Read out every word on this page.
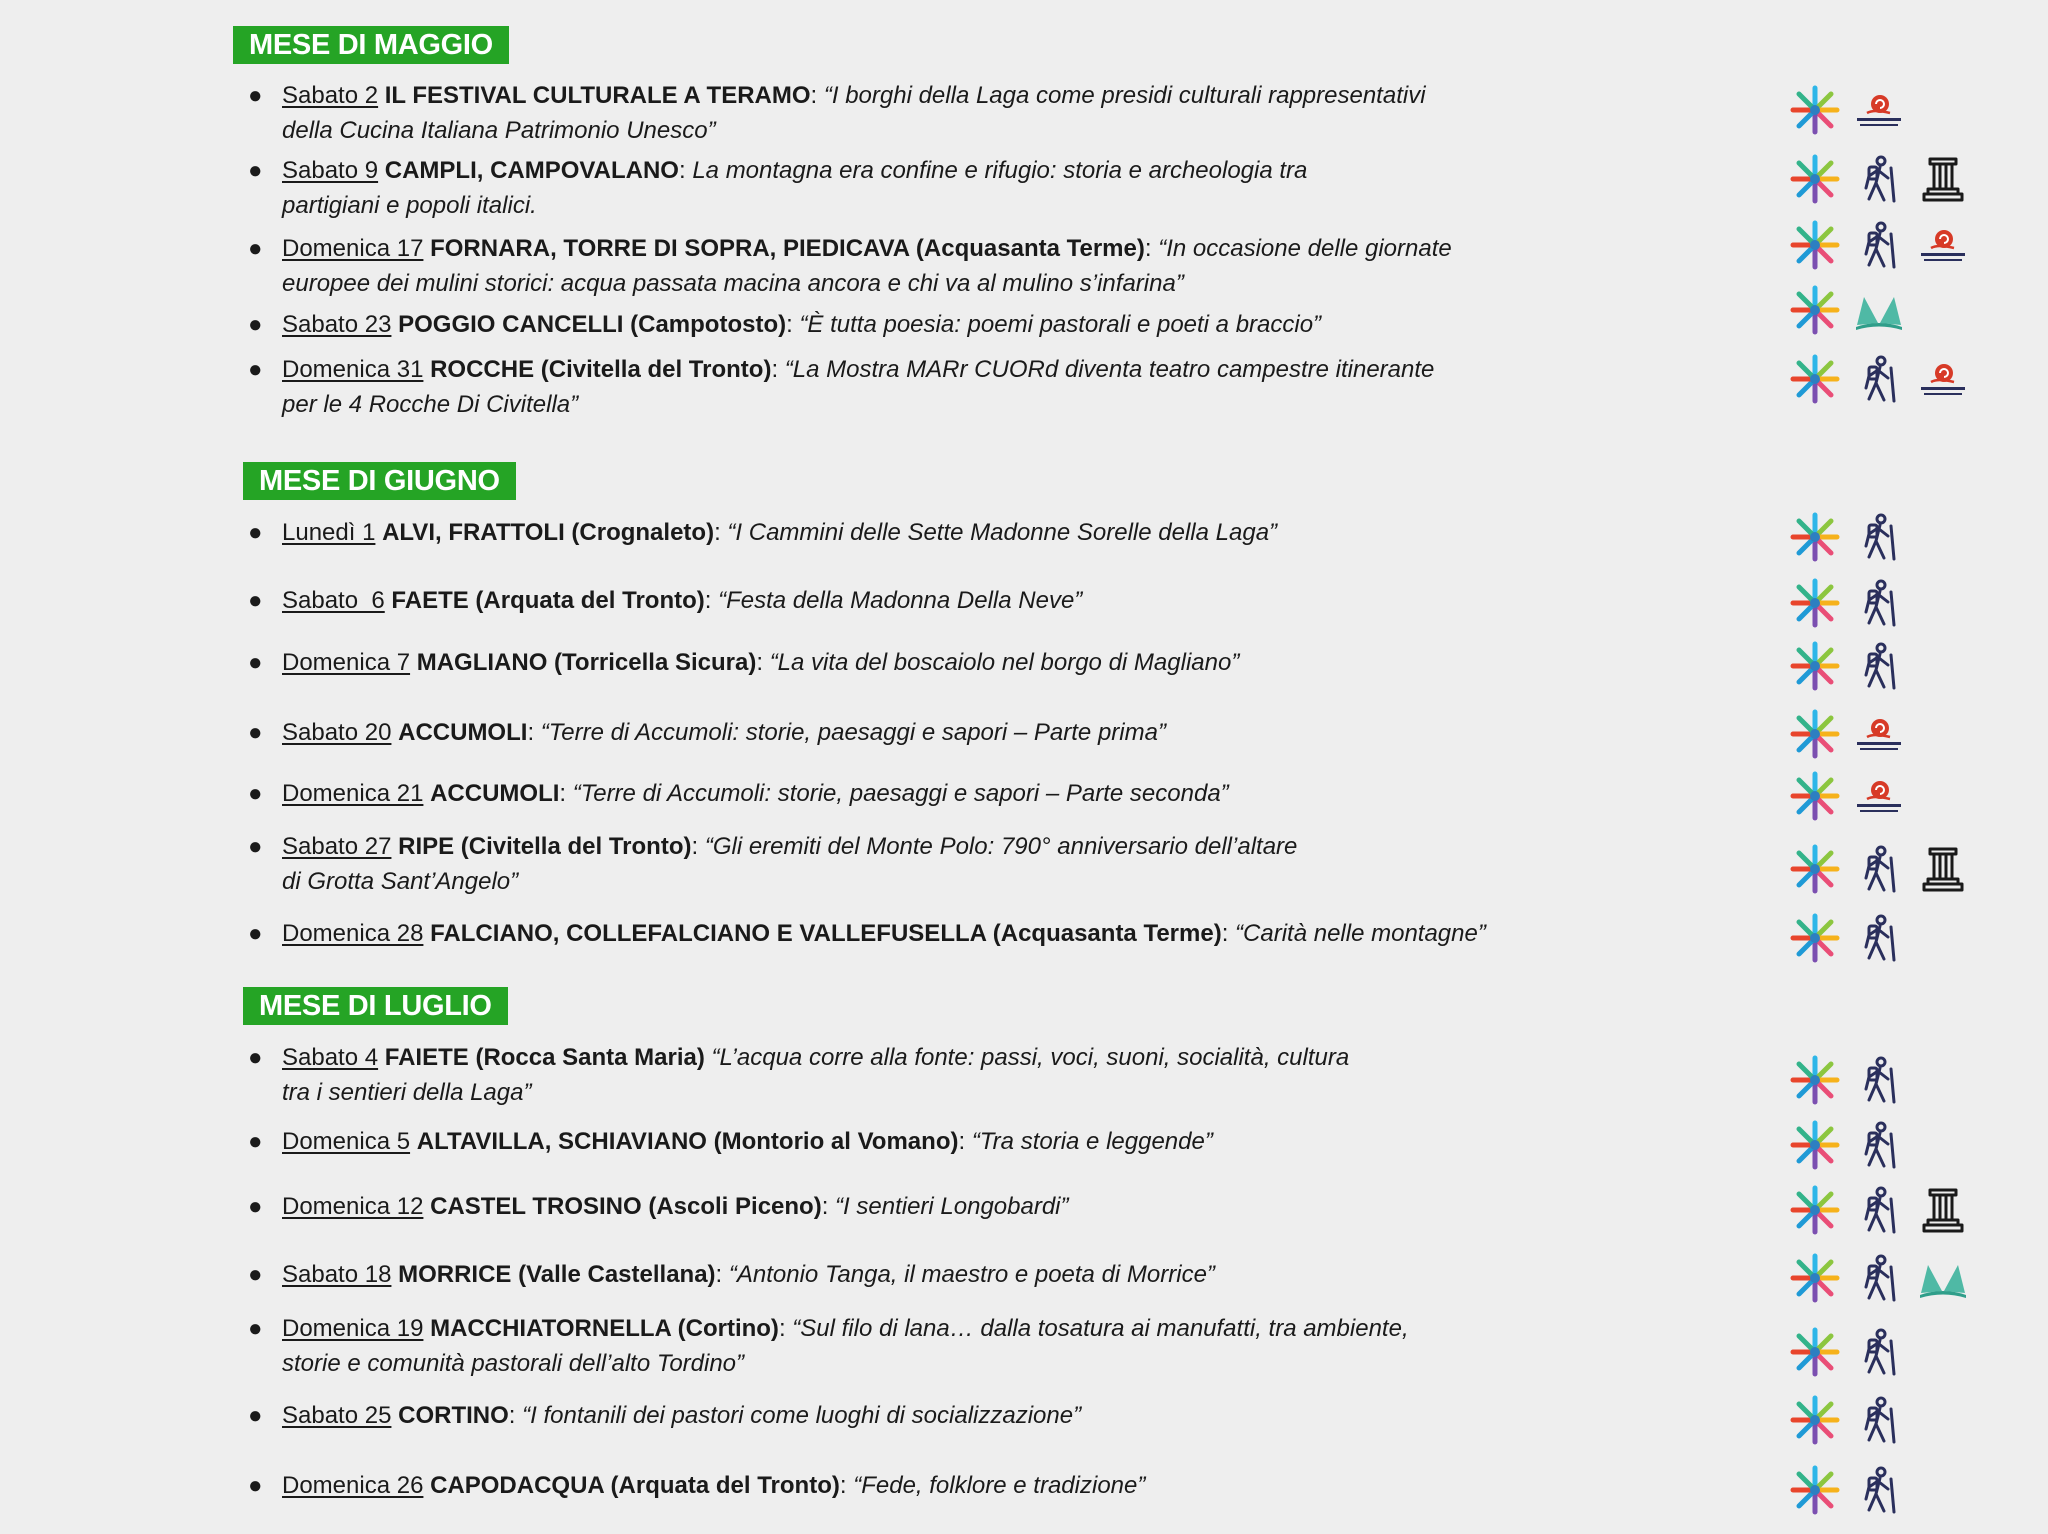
MESE DI MAGGIO
● Sabato 2 IL FESTIVAL CULTURALE A TERAMO: “I borghi della Laga come presidi culturali rappresentativi
della Cucina Italiana Patrimonio Unesco”
● Sabato 9 CAMPLI, CAMPOVALANO: La montagna era confine e rifugio: storia e archeologia tra
partigiani e popoli italici.
● Domenica 17 FORNARA, TORRE DI SOPRA, PIEDICAVA (Acquasanta Terme): “In occasione delle giornate
europee dei mulini storici: acqua passata macina ancora e chi va al mulino s’infarina”
● Sabato 23 POGGIO CANCELLI (Campotosto): “È tutta poesia: poemi pastorali e poeti a braccio”
● Domenica 31 ROCCHE (Civitella del Tronto): “La Mostra MARr CUORd diventa teatro campestre itinerante
per le 4 Rocche Di Civitella”
MESE DI GIUGNO
● Lunedì 1 ALVI, FRATTOLI (Crognaleto): “I Cammini delle Sette Madonne Sorelle della Laga”
● Sabato  6 FAETE (Arquata del Tronto): “Festa della Madonna Della Neve”
● Domenica 7 MAGLIANO (Torricella Sicura): “La vita del boscaiolo nel borgo di Magliano”
● Sabato 20 ACCUMOLI: “Terre di Accumoli: storie, paesaggi e sapori – Parte prima”
● Domenica 21 ACCUMOLI: “Terre di Accumoli: storie, paesaggi e sapori – Parte seconda”
● Sabato 27 RIPE (Civitella del Tronto): “Gli eremiti del Monte Polo: 790° anniversario dell’altare
di Grotta Sant’Angelo”
● Domenica 28 FALCIANO, COLLEFALCIANO E VALLEFUSELLA (Acquasanta Terme): “Carità nelle montagne”
MESE DI LUGLIO
● Sabato 4 FAIETE (Rocca Santa Maria) “L’acqua corre alla fonte: passi, voci, suoni, socialità, cultura
tra i sentieri della Laga”
● Domenica 5 ALTAVILLA, SCHIAVIANO (Montorio al Vomano): “Tra storia e leggende”
● Domenica 12 CASTEL TROSINO (Ascoli Piceno): “I sentieri Longobardi”
● Sabato 18 MORRICE (Valle Castellana): “Antonio Tanga, il maestro e poeta di Morrice”
● Domenica 19 MACCHIATORNELLA (Cortino): “Sul filo di lana… dalla tosatura ai manufatti, tra ambiente,
storie e comunità pastorali dell’alto Tordino”
● Sabato 25 CORTINO: “I fontanili dei pastori come luoghi di socializzazione”
● Domenica 26 CAPODACQUA (Arquata del Tronto): “Fede, folklore e tradizione”
